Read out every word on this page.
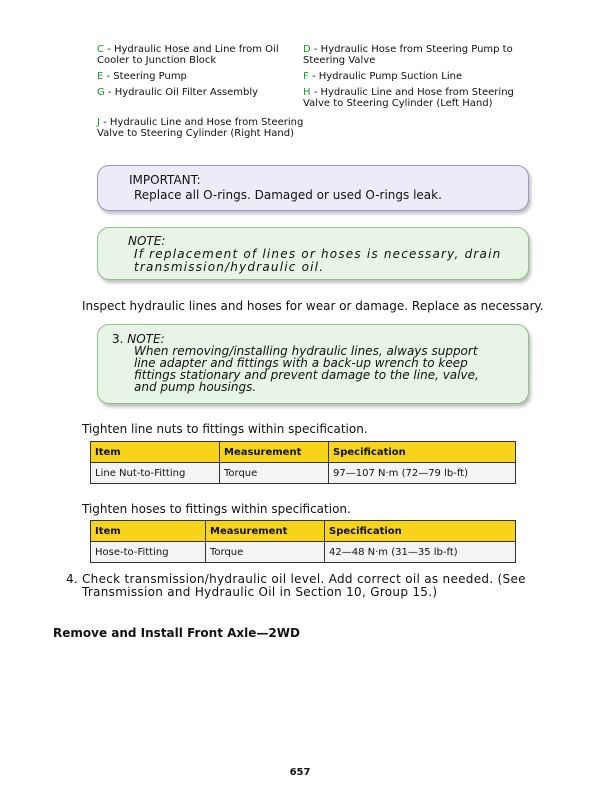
C - Hydraulic Hose and Line from Oil Cooler to Junction Block
D - Hydraulic Hose from Steering Pump to Steering Valve
E - Steering Pump	F - Hydraulic Pump Suction Line
G - Hydraulic Oil Filter Assembly	H - Hydraulic Line and Hose from Steering Valve to Steering Cylinder (Left Hand)
J - Hydraulic Line and Hose from Steering Valve to Steering Cylinder (Right Hand)
IMPORTANT:
Replace all O-rings. Damaged or used O-rings leak.
NOTE:
If replacement of lines or hoses is necessary, drain transmission/hydraulic oil.
Inspect hydraulic lines and hoses for wear or damage. Replace as necessary.
3. NOTE:
When removing/installing hydraulic lines, always support line adapter and fittings with a back-up wrench to keep fittings stationary and prevent damage to the line, valve, and pump housings.
Tighten line nuts to fittings within specification.
Item	Measurement	Specification
Line Nut-to-Fitting	Torque	97—107 N·m (72—79 lb-ft)
Tighten hoses to fittings within specification.
Item	Measurement	Specification
Hose-to-Fitting	Torque	42—48 N·m (31—35 lb-ft)
4. Check transmission/hydraulic oil level. Add correct oil as needed. (See
Transmission and Hydraulic Oil in Section 10, Group 15.)
Remove and Install Front Axle—2WD
657
